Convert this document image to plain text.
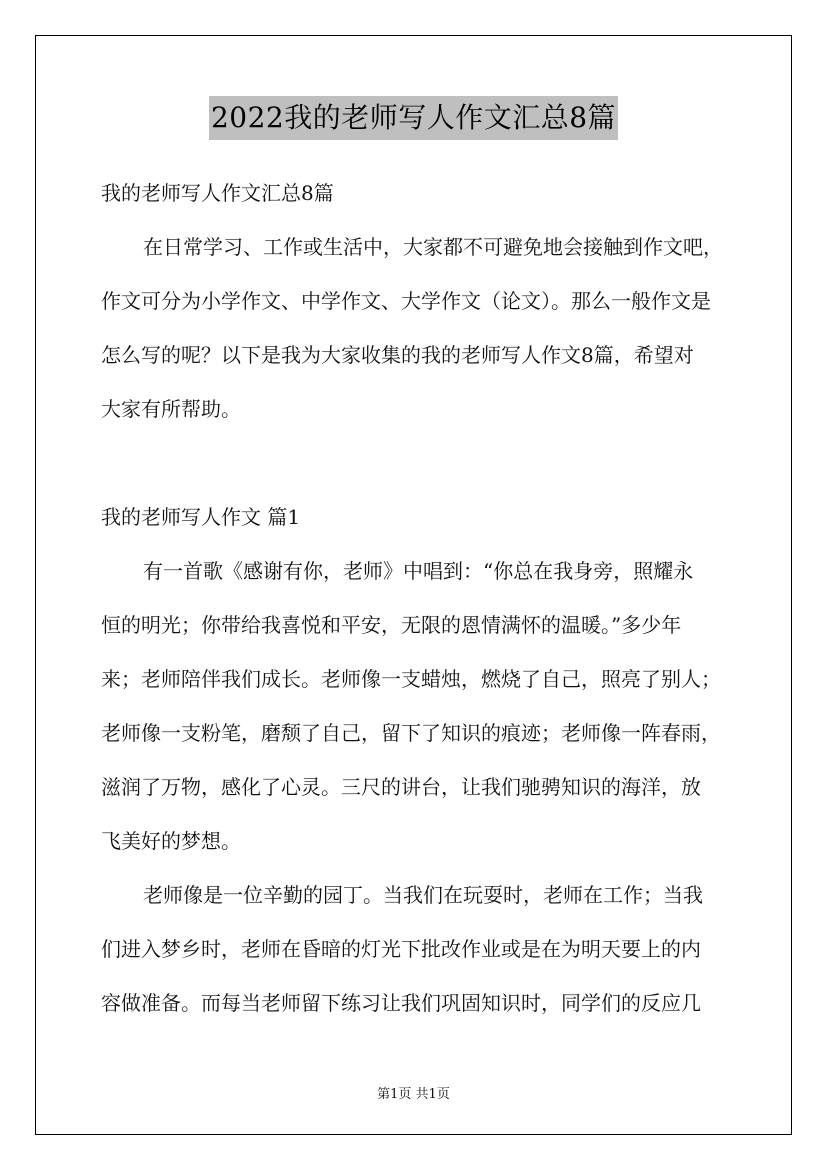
2022我的老师写人作文汇总8篇
我的老师写人作文汇总8篇
在日常学习、工作或生活中，大家都不可避免地会接触到作文吧，
作文可分为小学作文、中学作文、大学作文（论文）。那么一般作文是
怎么写的呢？以下是我为大家收集的我的老师写人作文8篇，希望对
大家有所帮助。
我的老师写人作文 篇1
有一首歌《感谢有你，老师》中唱到：“你总在我身旁，照耀永
恒的明光；你带给我喜悦和平安，无限的恩情满怀的温暖。”多少年
来；老师陪伴我们成长。老师像一支蜡烛，燃烧了自己，照亮了别人；
老师像一支粉笔，磨颓了自己，留下了知识的痕迹；老师像一阵春雨，
滋润了万物，感化了心灵。三尺的讲台，让我们驰骋知识的海洋，放
飞美好的梦想。
老师像是一位辛勤的园丁。当我们在玩耍时，老师在工作；当我
们进入梦乡时，老师在昏暗的灯光下批改作业或是在为明天要上的内
容做准备。而每当老师留下练习让我们巩固知识时，同学们的反应几
第1页 共1页
